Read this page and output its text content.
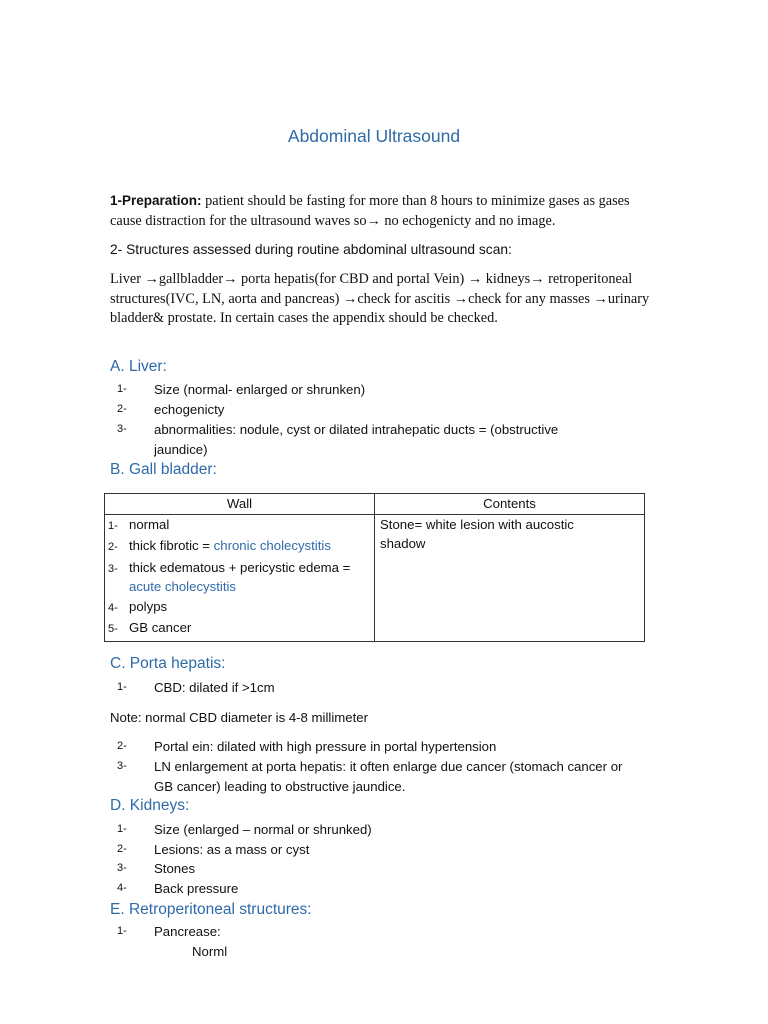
Abdominal Ultrasound
1-Preparation: patient should be fasting for more than 8 hours to minimize gases as gases cause distraction for the ultrasound waves so→ no echogenicty and no image.
2- Structures assessed during routine abdominal ultrasound scan:
Liver →gallbladder→ porta hepatis(for CBD and portal Vein) → kidneys→ retroperitoneal structures(IVC, LN, aorta and pancreas) →check for ascitis →check for any masses →urinary bladder& prostate. In certain cases the appendix should be checked.
A. Liver:
1- Size (normal- enlarged or shrunken)
2- echogenicty
3- abnormalities: nodule, cyst or dilated intrahepatic ducts = (obstructive jaundice)
B. Gall bladder:
Wall	Contents

1- normal
2- thick fibrotic = chronic cholecystitis
3- thick edematous + pericystic edema = acute cholecystitis
4- polyps
5- GB cancer	Stone= white lesion with aucostic shadow
C. Porta hepatis:
1- CBD: dilated if >1cm
Note: normal CBD diameter is 4-8 millimeter
2- Portal ein: dilated with high pressure in portal hypertension
3- LN enlargement at porta hepatis: it often enlarge due cancer (stomach cancer or GB cancer) leading to obstructive jaundice.
D. Kidneys:
1- Size (enlarged – normal or shrunked)
2- Lesions: as a mass or cyst
3- Stones
4- Back pressure
E. Retroperitoneal structures:
1- Pancrease:
Norml
